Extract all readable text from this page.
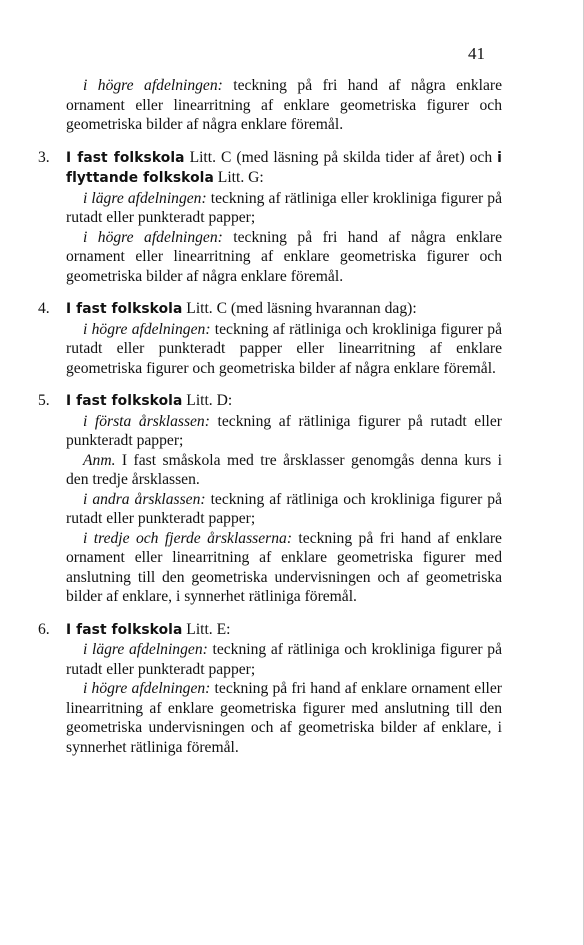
41

i högre afdelningen: teckning på fri hand af några enklare ornament eller linearritning af enklare geometriska figurer och geometriska bilder af några enklare föremål.

3. I fast folkskola Litt. C (med läsning på skilda tider af året) och i flyttande folkskola Litt. G:

i lägre afdelningen: teckning af rätliniga eller krokliniga figurer på rutadt eller punkteradt papper;

i högre afdelningen: teckning på fri hand af några enklare ornament eller linearritning af enklare geometriska figurer och geometriska bilder af några enklare föremål.

4. I fast folkskola Litt. C (med läsning hvarannan dag):

i högre afdelningen: teckning af rätliniga och krokliniga figurer på rutadt eller punkteradt papper eller linearritning af enklare geometriska figurer och geometriska bilder af några enklare föremål.

5. I fast folkskola Litt. D:

i första årsklassen: teckning af rätliniga figurer på rutadt eller punkteradt papper;

Anm. I fast småskola med tre årsklasser genomgås denna kurs i den tredje årsklassen.

i andra årsklassen: teckning af rätliniga och krokliniga figurer på rutadt eller punkteradt papper;

i tredje och fjerde årsklasserna: teckning på fri hand af enklare ornament eller linearritning af enklare geometriska figurer med anslutning till den geometriska undervisningen och af geometriska bilder af enklare, i synnerhet rätliniga föremål.

6. I fast folkskola Litt. E:

i lägre afdelningen: teckning af rätliniga och krokliniga figurer på rutadt eller punkteradt papper;

i högre afdelningen: teckning på fri hand af enklare ornament eller linearritning af enklare geometriska figurer med anslutning till den geometriska undervisningen och af geometriska bilder af enklare, i synnerhet rätliniga föremål.
